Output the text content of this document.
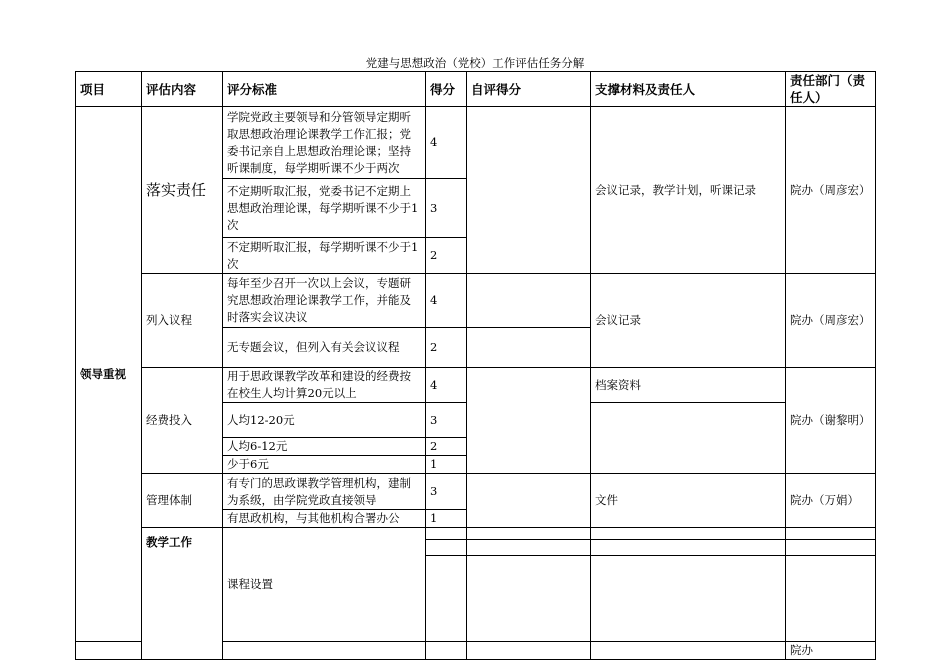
党建与思想政治（党校）工作评估任务分解
项目	评估内容	评分标准	得分	自评得分	支撑材料及责任人	责任部门（责任人）	
领导重视	落实责任	学院党政主要领导和分管领导定期听取思想政治理论课教学工作汇报；党委书记亲自上思想政治理论课；坚持听课制度，每学期听课不少于两次	4		会议记录，教学计划，听课记录	院办（周彦宏）	
		不定期听取汇报，党委书记不定期上思想政治理论课，每学期听课不少于1次	3				
		不定期听取汇报，每学期听课不少于1次	2				
	列入议程	每年至少召开一次以上会议，专题研究思想政治理论课教学工作，并能及时落实会议决议	4		会议记录	院办（周彦宏）	
		无专题会议，但列入有关会议议程	2				
	经费投入	用于思政课教学改革和建设的经费按在校生人均计算20元以上	4		档案资料	院办（谢黎明）	
		人均12-20元	3				
		人均6-12元	2				
		少于6元	1				
	管理体制	有专门的思政课教学管理机构，建制为系级，由学院党政直接领导	3		文件	院办（万娟）	
		有思政机构，与其他机构合署办公	1				
	教学工作	课程设置					

						院办	
